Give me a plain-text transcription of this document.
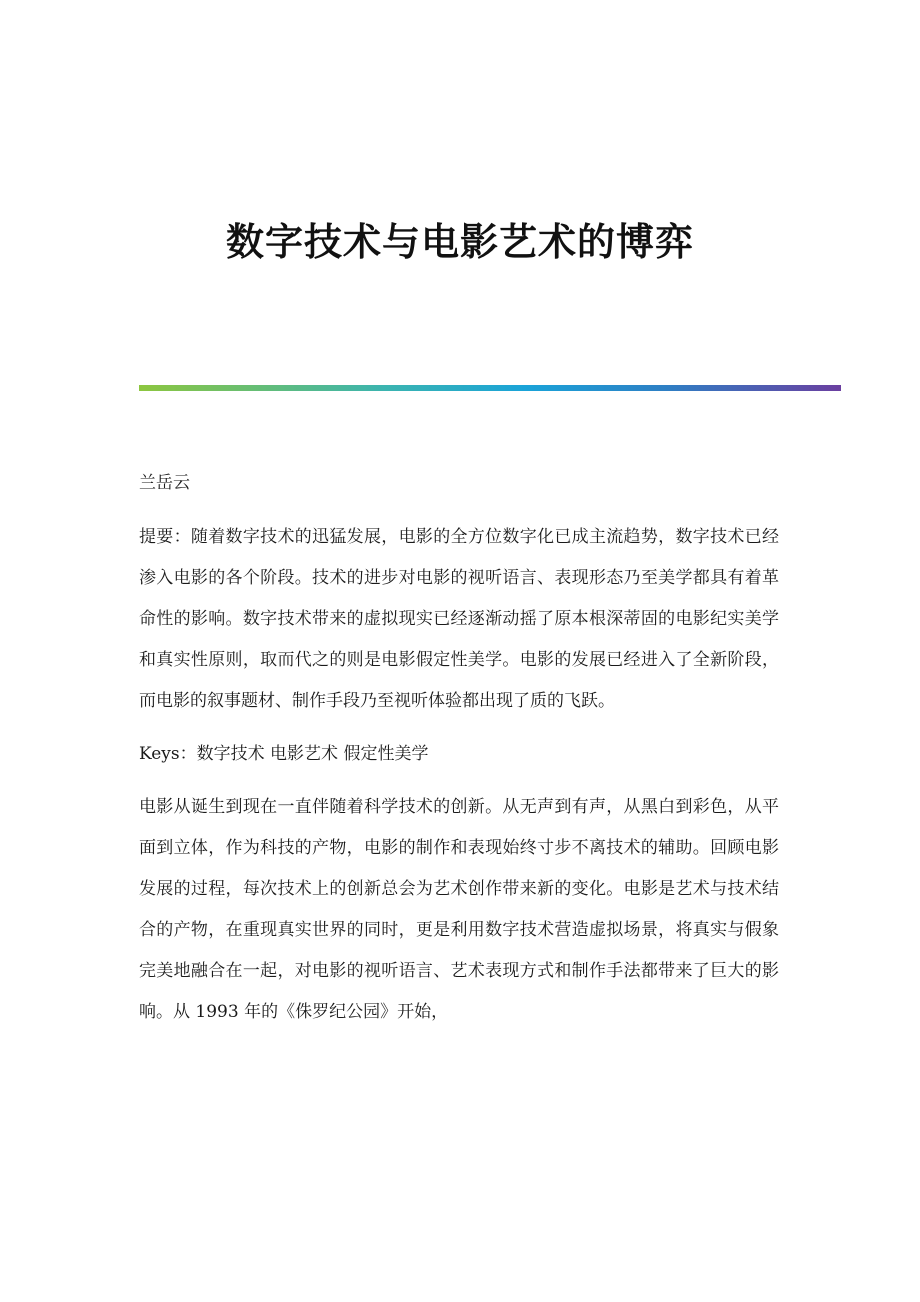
数字技术与电影艺术的博弈

兰岳云

提要：随着数字技术的迅猛发展，电影的全方位数字化已成主流趋势，数字技术已经渗入电影的各个阶段。技术的进步对电影的视听语言、表现形态乃至美学都具有着革命性的影响。数字技术带来的虚拟现实已经逐渐动摇了原本根深蒂固的电影纪实美学和真实性原则，取而代之的则是电影假定性美学。电影的发展已经进入了全新阶段，而电影的叙事题材、制作手段乃至视听体验都出现了质的飞跃。

Keys：数字技术 电影艺术 假定性美学

电影从诞生到现在一直伴随着科学技术的创新。从无声到有声，从黑白到彩色，从平面到立体，作为科技的产物，电影的制作和表现始终寸步不离技术的辅助。回顾电影发展的过程，每次技术上的创新总会为艺术创作带来新的变化。电影是艺术与技术结合的产物，在重现真实世界的同时，更是利用数字技术营造虚拟场景，将真实与假象完美地融合在一起，对电影的视听语言、艺术表现方式和制作手法都带来了巨大的影响。从 1993 年的《侏罗纪公园》开始，
